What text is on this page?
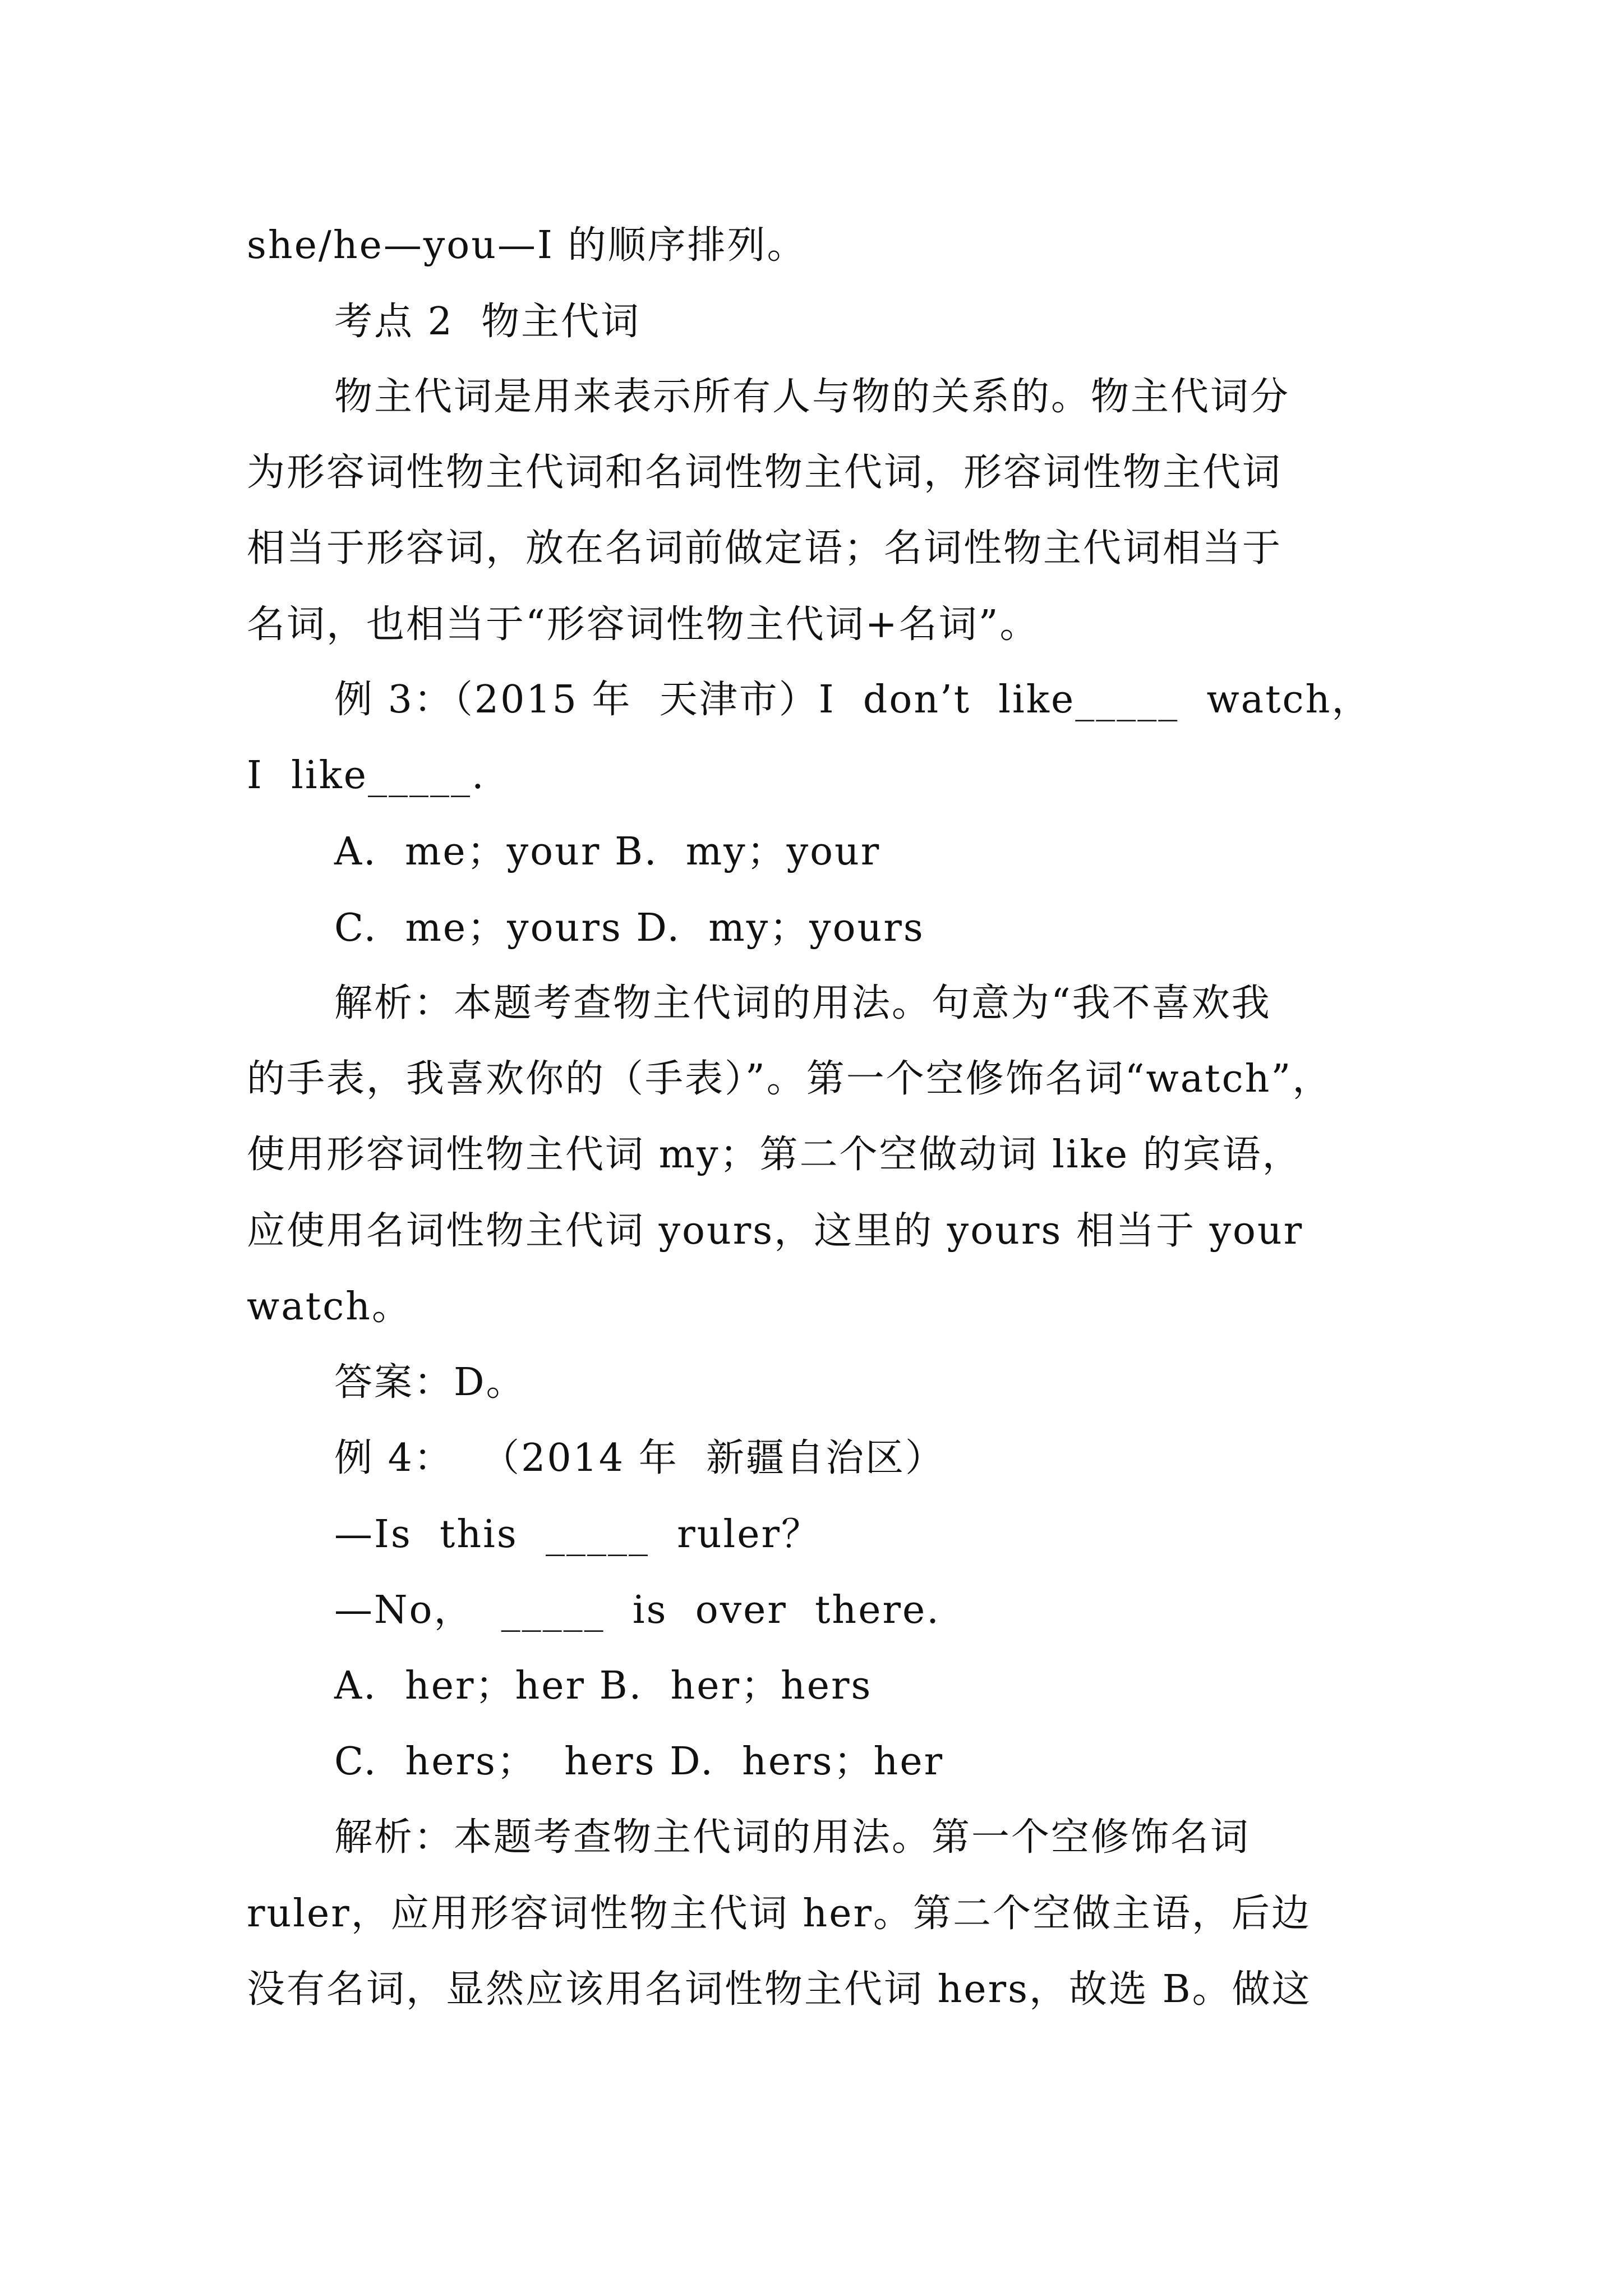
she/he—you—I 的顺序排列。
考点 2  物主代词
物主代词是用来表示所有人与物的关系的。物主代词分
为形容词性物主代词和名词性物主代词，形容词性物主代词
相当于形容词，放在名词前做定语；名词性物主代词相当于
名词，也相当于“形容词性物主代词+名词”。
例 3：（2015 年  天津市）I  don’t  like_____  watch，
I  like_____.
A.  me；your B.  my；your
C.  me；yours D.  my；yours
解析：本题考查物主代词的用法。句意为“我不喜欢我
的手表，我喜欢你的（手表）”。第一个空修饰名词“watch”，
使用形容词性物主代词 my；第二个空做动词 like 的宾语，
应使用名词性物主代词 yours，这里的 yours 相当于 your
watch。
答案：D。
例 4：  （2014 年  新疆自治区）
—Is  this  _____  ruler？
—No，  _____  is  over  there.
A.  her；her B.  her；hers
C.  hers；  hers D.  hers；her
解析：本题考查物主代词的用法。第一个空修饰名词
ruler，应用形容词性物主代词 her。第二个空做主语，后边
没有名词，显然应该用名词性物主代词 hers，故选 B。做这
